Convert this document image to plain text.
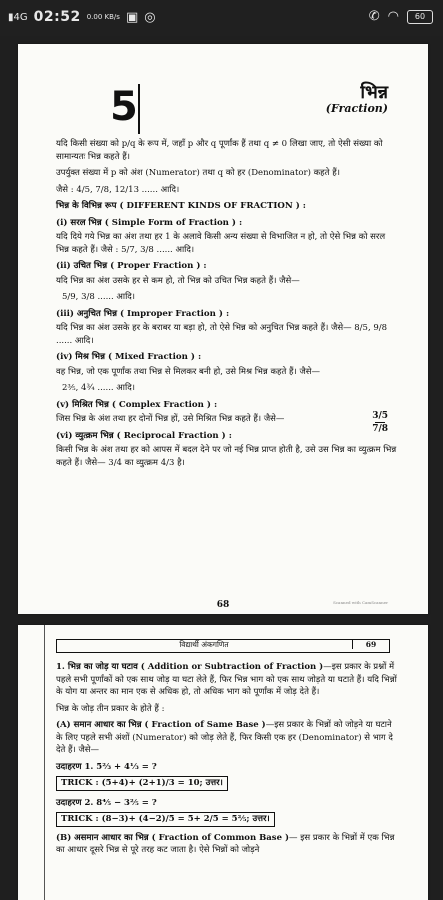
▮4G 02:52 0.00 KB/s ▣ ◎	✆ ◠	60
5	भिन्न
(Fraction)
यदि किसी संख्या को p/q के रूप में, जहाँ p और q पूर्णांक हैं तथा q ≠ 0 लिखा जाए, तो ऐसी संख्या को सामान्यतः भिन्न कहते हैं।
उपर्युक्त संख्या में p को अंश (Numerator) तथा q को हर (Denominator) कहते हैं।
जैसे : 4/5, 7/8, 12/13 ...... आदि।
भिन्न के विभिन्न रूप ( DIFFERENT KINDS OF FRACTION ) :
(i) सरल भिन्न ( Simple Form of Fraction ) :
यदि दिये गये भिन्न का अंश तथा हर 1 के अलावे किसी अन्य संख्या से विभाजित न हो, तो ऐसे भिन्न को सरल भिन्न कहते हैं। जैसे : 5/7, 3/8 ...... आदि।
(ii) उचित भिन्न ( Proper Fraction ) :
यदि भिन्न का अंश उसके हर से कम हो, तो भिन्न को उचित भिन्न कहते हैं। जैसे—
5/9, 3/8 ...... आदि।
(iii) अनुचित भिन्न ( Improper Fraction ) :
यदि भिन्न का अंश उसके हर के बराबर या बड़ा हो, तो ऐसे भिन्न को अनुचित भिन्न कहते हैं। जैसे— 8/5, 9/8 ...... आदि।
(iv) मिश्र भिन्न ( Mixed Fraction ) :
वह भिन्न, जो एक पूर्णांक तथा भिन्न से मिलकर बनी हो, उसे मिश्र भिन्न कहते हैं। जैसे—
2⅗, 4¾ ...... आदि।
(v) मिश्रित भिन्न ( Complex Fraction ) :
जिस भिन्न के अंश तथा हर दोनों भिन्न हों, उसे मिश्रित भिन्न कहते हैं। जैसे—	3/5
7/8
(vi) व्युत्क्रम भिन्न ( Reciprocal Fraction ) :
किसी भिन्न के अंश तथा हर को आपस में बदल देने पर जो नई भिन्न प्राप्त होती है, उसे उस भिन्न का व्युत्क्रम भिन्न कहते हैं। जैसे— 3/4 का व्युत्क्रम 4/3 है।
68	Scanned with CamScanner
विद्यार्थी अंकगणित	69
1. भिन्न का जोड़ या घटाव ( Addition or Subtraction of Fraction )—इस प्रकार के प्रश्नों में पहले सभी पूर्णांकों को एक साथ जोड़ या घटा लेते हैं, फिर भिन्न भाग को एक साथ जोड़ते या घटाते हैं। यदि भिन्नों के योग या अन्तर का मान एक से अधिक हो, तो अधिक भाग को पूर्णांक में जोड़ देते हैं।
भिन्न के जोड़ तीन प्रकार के होते हैं :
(A) समान आधार का भिन्न ( Fraction of Same Base )—इस प्रकार के भिन्नों को जोड़ने या घटाने के लिए पहले सभी अंशों (Numerator) को जोड़ लेते हैं, फिर किसी एक हर (Denominator) से भाग दे देते हैं। जैसे—
उदाहरण 1. 5⅔ + 4⅓ = ?
TRICK : (5+4)+ (2+1)/3 = 10; उत्तर।
उदाहरण 2. 8⅘ − 3⅖ = ?
TRICK : (8−3)+ (4−2)/5 = 5+ 2/5 = 5⅖; उत्तर।
(B) असमान आधार का भिन्न ( Fraction of Common Base )— इस प्रकार के भिन्नों में एक भिन्न का आधार दूसरे भिन्न से पूरे तरह कट जाता है। ऐसे भिन्नों को जोड़ने
